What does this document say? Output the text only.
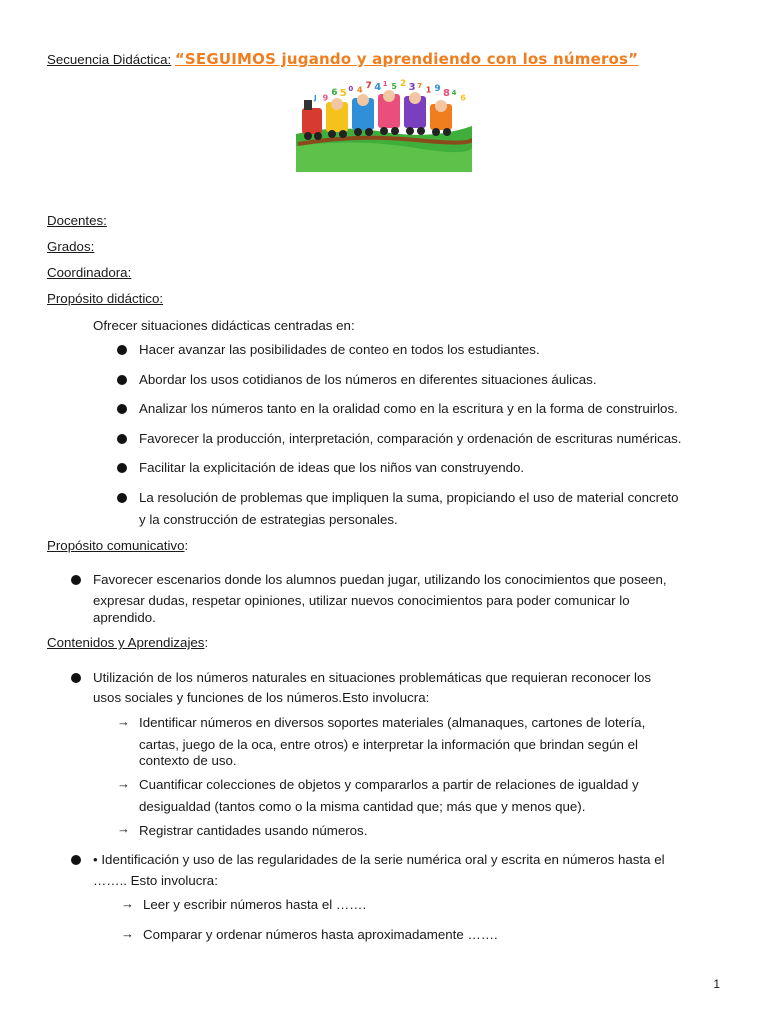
Secuencia Didáctica: “SEGUIMOS jugando y aprendiendo con los números”
J 9 6 5 0 4 7 4 1 5 2 3 7 1 9 8 4
6
Docentes:
Grados:
Coordinadora:
Propósito didáctico:
Ofrecer situaciones didácticas centradas en:
Hacer avanzar las posibilidades de conteo en todos los estudiantes.
Abordar los usos cotidianos de los números en diferentes situaciones áulicas.
Analizar los números tanto en la oralidad como en la escritura y en la forma de construirlos.
Favorecer la producción, interpretación, comparación y ordenación de escrituras numéricas.
Facilitar la explicitación de ideas que los niños van construyendo.
La resolución de problemas que impliquen la suma, propiciando el uso de material concreto
y la construcción de estrategias personales.
Propósito comunicativo:
Favorecer escenarios donde los alumnos puedan jugar, utilizando los conocimientos que poseen,
expresar dudas, respetar opiniones, utilizar nuevos conocimientos para poder comunicar lo
aprendido.
Contenidos y Aprendizajes:
Utilización de los números naturales en situaciones problemáticas que requieran reconocer los
usos sociales y funciones de los números.Esto involucra:
→ Identificar números en diversos soportes materiales (almanaques, cartones de lotería,
cartas, juego de la oca, entre otros) e interpretar la información que brindan según el
contexto de uso.
→ Cuantificar colecciones de objetos y compararlos a partir de relaciones de igualdad y
desigualdad (tantos como o la misma cantidad que; más que y menos que).
→ Registrar cantidades usando números.
• Identificación y uso de las regularidades de la serie numérica oral y escrita en números hasta el
…….. Esto involucra:
→ Leer y escribir números hasta el …….
→ Comparar y ordenar números hasta aproximadamente …….
1
